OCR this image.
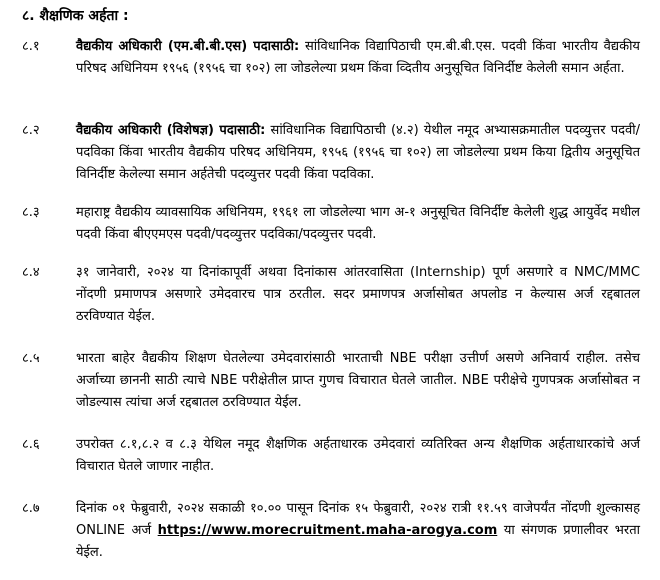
८. शैक्षणिक अर्हता :
८.१	वैद्यकीय अधिकारी (एम.बी.बी.एस) पदासाठी: सांविधानिक विद्यापिठाची एम.बी.बी.एस. पदवी किंवा भारतीय वैद्यकीय परिषद अधिनियम १९५६ (१९५६ चा १०२) ला जोडलेल्या प्रथम किंवा व्दितीय अनुसूचित विनिर्दीष्ट केलेली समान अर्हता.
८.२	वैद्यकीय अधिकारी (विशेषज्ञ) पदासाठी: सांविधानिक विद्यापिठाची (४.२) येथील नमूद अभ्यासक्रमातील पदव्युत्तर पदवी/पदविका किंवा भारतीय वैद्यकीय परिषद अधिनियम, १९५६ (१९५६ चा १०२) ला जोडलेल्या प्रथम किया द्वितीय अनुसूचित विनिर्दीष्ट केलेल्या समान अर्हतेची पदव्युत्तर पदवी किंवा पदविका.
८.३	महाराष्ट्र वैद्यकीय व्यावसायिक अधिनियम, १९६१ ला जोडलेल्या भाग अ-१ अनुसूचित विनिर्दीष्ट केलेली शुद्ध आयुर्वेद मधील पदवी किंवा बीएएमएस पदवी/पदव्युत्तर पदविका/पदव्युत्तर पदवी.
८.४	३१ जानेवारी, २०२४ या दिनांकापूर्वी अथवा दिनांकास आंतरवासिता (Internship) पूर्ण असणारे व NMC/MMC नोंदणी प्रमाणपत्र असणारे उमेदवारच पात्र ठरतील. सदर प्रमाणपत्र अर्जासोबत अपलोड न केल्यास अर्ज रद्दबातल ठरविण्यात येईल.
८.५	भारता बाहेर वैद्यकीय शिक्षण घेतलेल्या उमेदवारांसाठी भारताची NBE परीक्षा उत्तीर्ण असणे अनिवार्य राहील. तसेच अर्जाच्या छाननी साठी त्याचे NBE परीक्षेतील प्राप्त गुणच विचारात घेतले जातील. NBE परीक्षेचे गुणपत्रक अर्जासोबत न जोडल्यास त्यांचा अर्ज रद्दबातल ठरविण्यात येईल.
८.६	उपरोक्त ८.१,८.२ व ८.३ येथिल नमूद शैक्षणिक अर्हताधारक उमेदवारां व्यतिरिक्त अन्य शैक्षणिक अर्हताधारकांचे अर्ज विचारात घेतले जाणार नाहीत.
८.७	दिनांक ०१ फेब्रुवारी, २०२४ सकाळी १०.०० पासून दिनांक १५ फेब्रुवारी, २०२४ रात्री ११.५९ वाजेपर्यंत नोंदणी शुल्कासह ONLINE अर्ज https://www.morecruitment.maha-arogya.com या संगणक प्रणालीवर भरता येईल.
